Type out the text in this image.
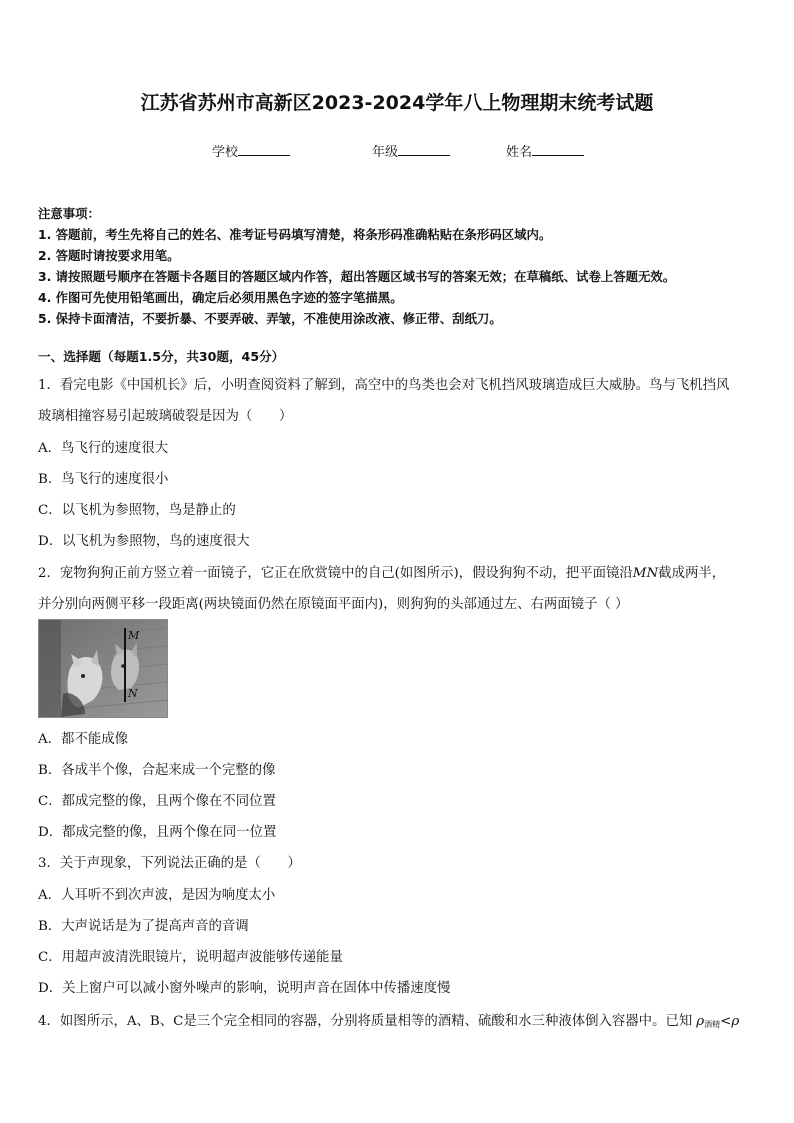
江苏省苏州市高新区2023-2024学年八上物理期末统考试题
学校	年级	姓名
注意事项：
1. 答题前，考生先将自己的姓名、准考证号码填写清楚，将条形码准确粘贴在条形码区域内。
2. 答题时请按要求用笔。
3. 请按照题号顺序在答题卡各题目的答题区域内作答，超出答题区域书写的答案无效；在草稿纸、试卷上答题无效。
4. 作图可先使用铅笔画出，确定后必须用黑色字迹的签字笔描黑。
5. 保持卡面清洁，不要折暴、不要弄破、弄皱，不准使用涂改液、修正带、刮纸刀。
一、选择题（每题1.5分，共30题，45分）
1．看完电影《中国机长》后，小明查阅资料了解到，高空中的鸟类也会对飞机挡风玻璃造成巨大威胁。鸟与飞机挡风
玻璃相撞容易引起玻璃破裂是因为（　　）
A．鸟飞行的速度很大
B．鸟飞行的速度很小
C．以飞机为参照物，鸟是静止的
D．以飞机为参照物，鸟的速度很大
2．宠物狗狗正前方竖立着一面镜子，它正在欣赏镜中的自己(如图所示)，假设狗狗不动，把平面镜沿MN截成两半，
并分别向两侧平移一段距离(两块镜面仍然在原镜面平面内)，则狗狗的头部通过左、右两面镜子（ ）
M
N
A．都不能成像
B．各成半个像，合起来成一个完整的像
C．都成完整的像，且两个像在不同位置
D．都成完整的像，且两个像在同一位置
3．关于声现象，下列说法正确的是（　　）
A．人耳听不到次声波，是因为响度太小
B．大声说话是为了提高声音的音调
C．用超声波清洗眼镜片，说明超声波能够传递能量
D．关上窗户可以减小窗外噪声的影响，说明声音在固体中传播速度慢
4．如图所示，A、B、C是三个完全相同的容器，分别将质量相等的酒精、硫酸和水三种液体倒入容器中。已知 ρ酒精<ρ
